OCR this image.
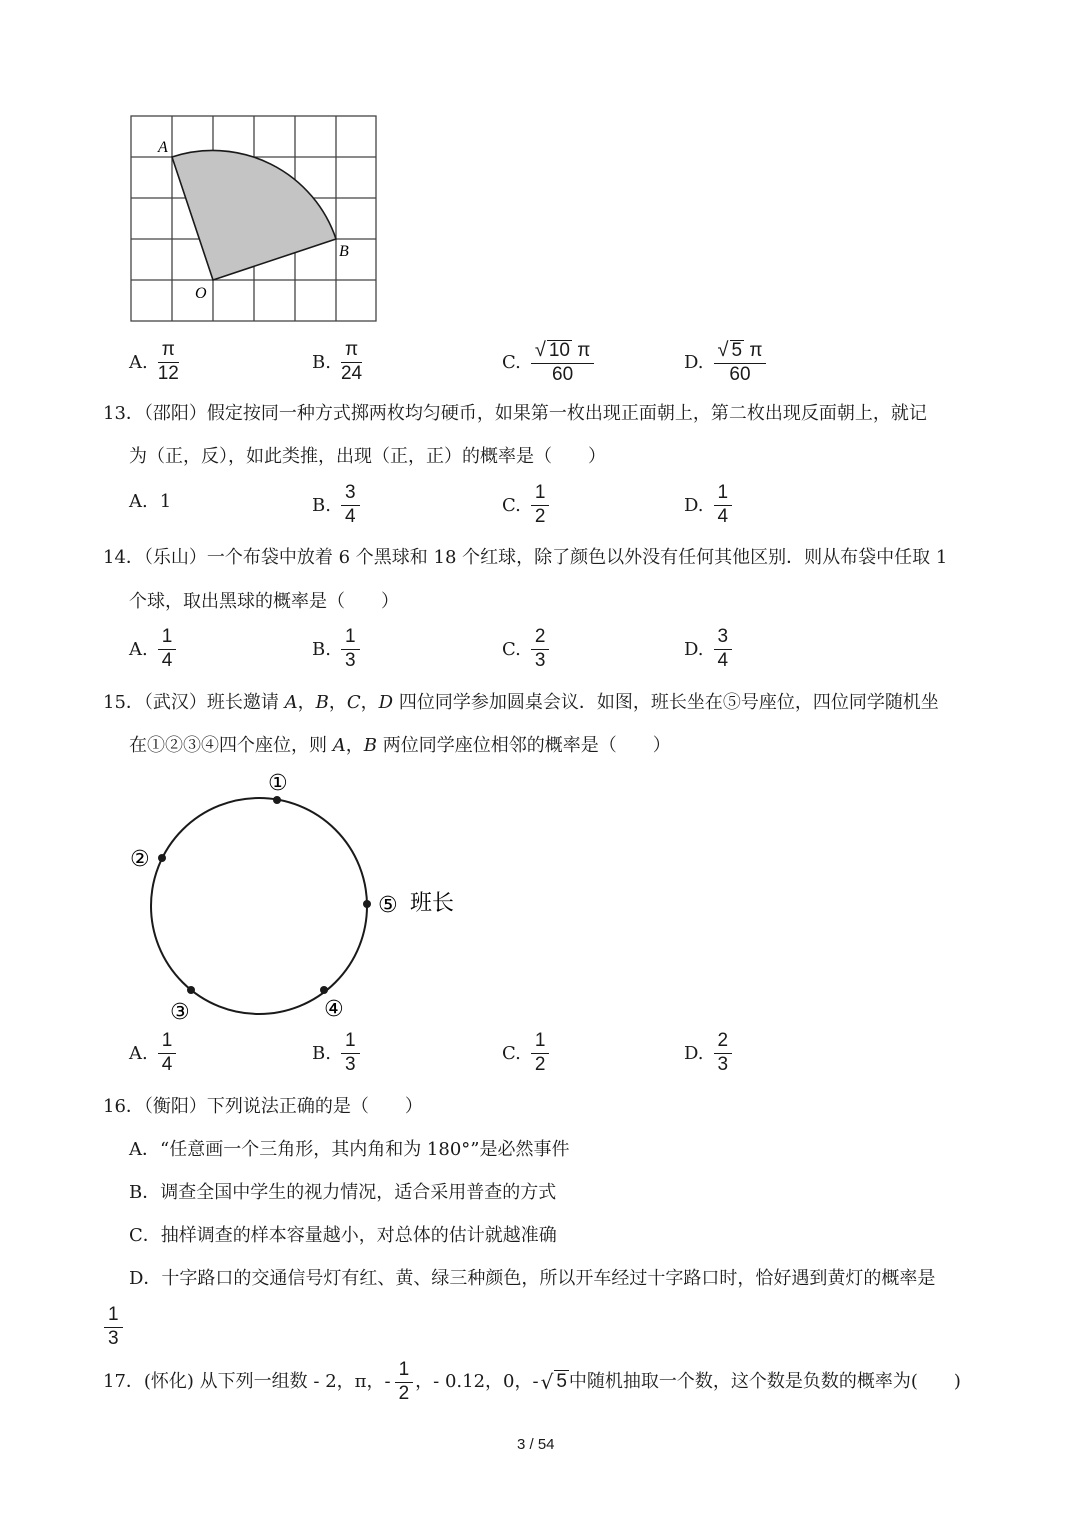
A
B
O
A. $\frac{\pi}{12}$	B. $\frac{\pi}{24}$	C. $\frac{√ 10 \pi}{60}$	D. $\frac{√ 5 \pi}{60}$
13．（邵阳）假定按同一种方式掷两枚均匀硬币，如果第一枚出现正面朝上，第二枚出现反面朝上，就记
为（正，反），如此类推，出现（正，正）的概率是（　　）
A. 1	B. $\frac{3}{4}$	C. $\frac{1}{2}$	D. $\frac{1}{4}$
14．（乐山）一个布袋中放着 6 个黑球和 18 个红球，除了颜色以外没有任何其他区别．则从布袋中任取 1
个球，取出黑球的概率是（　　）
A. $\frac{1}{4}$	B. $\frac{1}{3}$	C. $\frac{2}{3}$	D. $\frac{3}{4}$
15．（武汉）班长邀请 A，B，C，D 四位同学参加圆桌会议．如图，班长坐在⑤号座位，四位同学随机坐
在①②③④四个座位，则 A，B 两位同学座位相邻的概率是（　　）
①
②
⑤ 班长
④
③
A. $\frac{1}{4}$	B. $\frac{1}{3}$	C. $\frac{1}{2}$	D. $\frac{2}{3}$
16．（衡阳）下列说法正确的是（　　）
A．“任意画一个三角形，其内角和为 180°”是必然事件
B．调查全国中学生的视力情况，适合采用普查的方式
C．抽样调查的样本容量越小，对总体的估计就越准确
D．十字路口的交通信号灯有红、黄、绿三种颜色，所以开车经过十字路口时，恰好遇到黄灯的概率是
$\frac{1}{3}$
17．(怀化) 从下列一组数 - 2，π，- $\frac{1}{2}$ ，- 0.12，0，- √ 5 中随机抽取一个数，这个数是负数的概率为(　　)
3 / 54
